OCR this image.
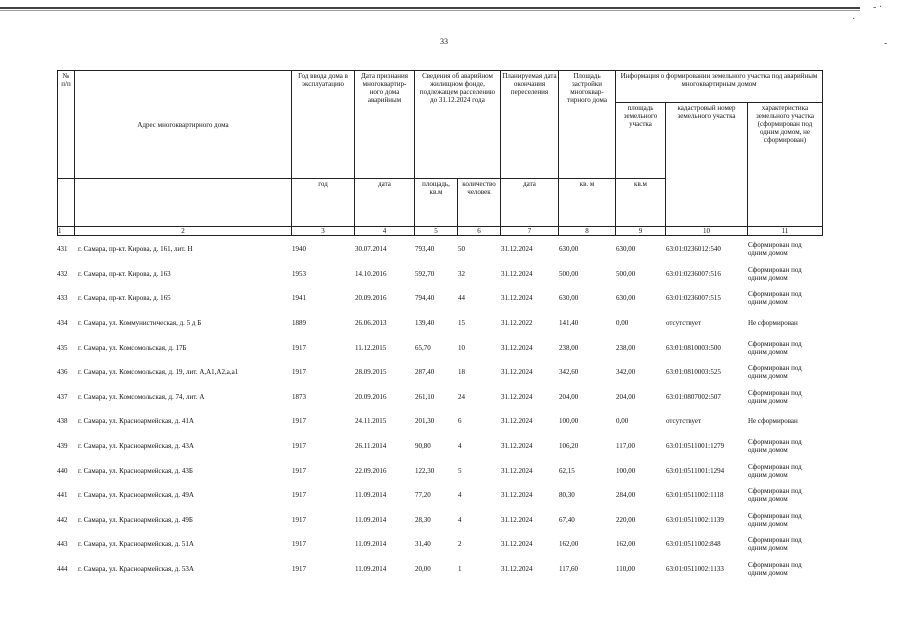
- ·
·
-
33
№ п/п	Адрес многоквартирного дома	Год ввода дома в эксплуатацию	Дата признания многоквартир-ного дома аварийным	Сведения об аварийном жилищном фонде, подлежащем расселению до 31.12.2024 года		Планируемая дата окончания переселения	Площадь застройки многоквар-тирного дома	Информация о формировании земельного участка под аварийным многоквартирным домом		
								площадь земельного участка	кадастровый номер земельного участка	характеристика земельного участка (сформирован под одним домом, не сформирован)

		год	дата	площадь, кв.м	количество человек	дата	кв. м	кв.м		
1	2	3	4	5	6	7	8	9	10	11
431	г. Самара, пр-кт. Кирова, д. 161, лит. Н	1940	30.07.2014	793,40	50	31.12.2024	630,00	630,00	63:01:0236012:540	Сформирован под одним домом
432	г. Самара, пр-кт. Кирова, д. 163	1953	14.10.2016	592,70	32	31.12.2024	500,00	500,00	63:01:0236007:516	Сформирован под одним домом
433	г. Самара, пр-кт. Кирова, д. 165	1941	20.09.2016	794,40	44	31.12.2024	630,00	630,00	63:01:0236007:515	Сформирован под одним домом
434	г. Самара, ул. Коммунистическая, д. 5 д Б	1889	26.06.2013	139,40	15	31.12.2022	141,40	0,00	отсутствует	Не сформирован
435	г. Самара, ул. Комсомольская, д. 17Б	1917	11.12.2015	65,70	10	31.12.2024	238,00	238,00	63:01:0810003:500	Сформирован под одним домом
436	г. Самара, ул. Комсомольская, д. 19, лит. А,А1,А2,а,а1	1917	28.09.2015	287,40	18	31.12.2024	342,60	342,00	63:01:0810003:525	Сформирован под одним домом
437	г. Самара, ул. Комсомольская, д. 74, лит. А	1873	20.09.2016	261,10	24	31.12.2024	204,00	204,00	63:01:0807002:507	Сформирован под одним домом
438	г. Самара, ул. Красноармейская, д. 41А	1917	24.11.2015	201,30	6	31.12.2024	100,00	0,00	отсутствует	Не сформирован
439	г. Самара, ул. Красноармейская, д. 43А	1917	26.11.2014	90,80	4	31.12.2024	106,20	117,00	63:01:0511001:1279	Сформирован под одним домом
440	г. Самара, ул. Красноармейская, д. 43Б	1917	22.09.2016	122,30	5	31.12.2024	62,15	100,00	63:01:0511001:1294	Сформирован под одним домом
441	г. Самара, ул. Красноармейская, д. 49А	1917	11.09.2014	77,20	4	31.12.2024	80,30	284,00	63:01:0511002:1118	Сформирован под одним домом
442	г. Самара, ул. Красноармейская, д. 49Б	1917	11.09.2014	28,30	4	31.12.2024	67,40	220,00	63:01:0511002:1139	Сформирован под одним домом
443	г. Самара, ул. Красноармейская, д. 51А	1917	11.09.2014	31,40	2	31.12.2024	162,00	162,00	63:01:0511002:848	Сформирован под одним домом
444	г. Самара, ул. Красноармейская, д. 53А	1917	11.09.2014	20,00	1	31.12.2024	117,60	110,00	63:01:0511002:1133	Сформирован под одним домом
